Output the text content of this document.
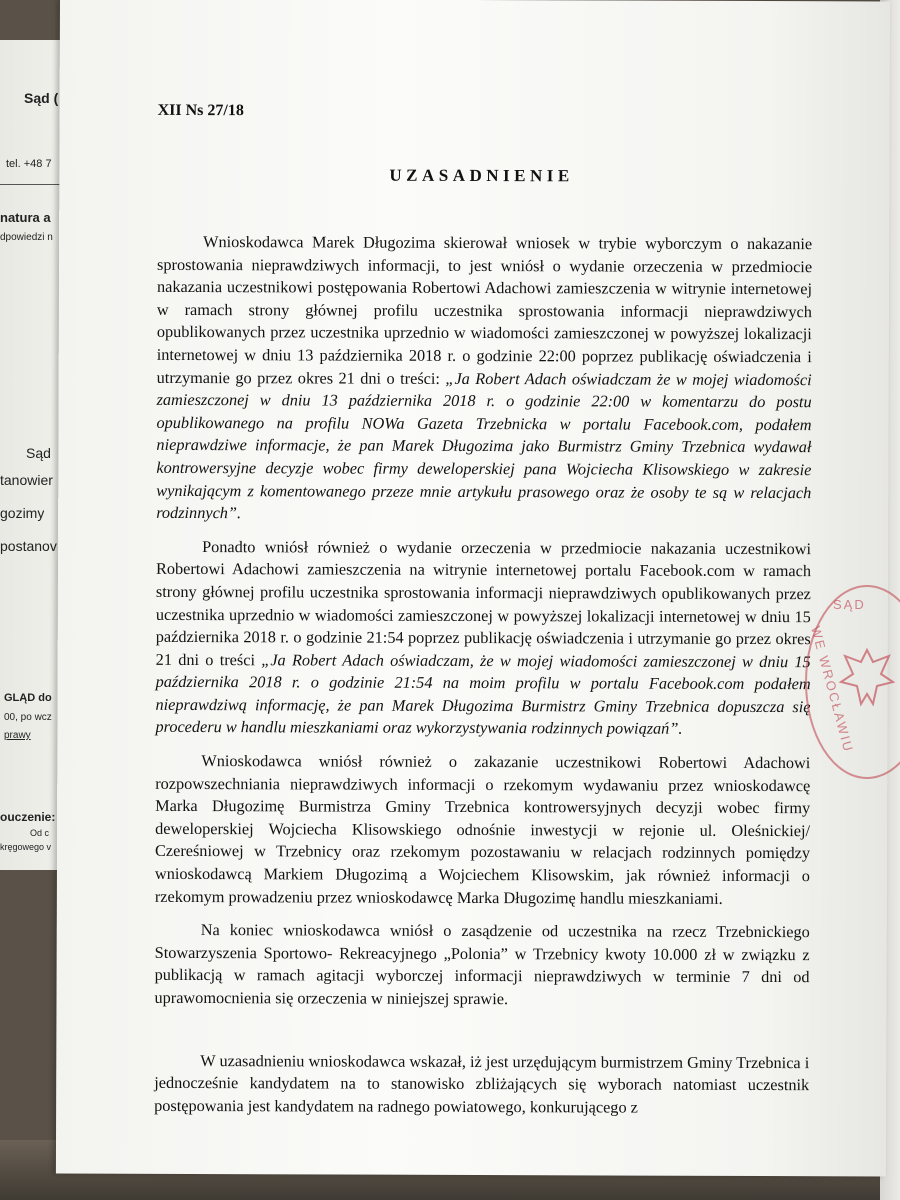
Sąd (
tel. +48 7
natura a
dpowiedzi n
Sąd
tanowier
gozimy
postanov
GLĄD do
00, po wcz
prawy
ouczenie:
Od c
kręgowego v
XII Ns 27/18
UZASADNIENIE

Wnioskodawca Marek Długozima skierował wniosek w trybie wyborczym o nakazanie sprostowania nieprawdziwych informacji, to jest wniósł o wydanie orzeczenia w przedmiocie nakazania uczestnikowi postępowania Robertowi Adachowi zamieszczenia w witrynie internetowej w ramach strony głównej profilu uczestnika sprostowania informacji nieprawdziwych opublikowanych przez uczestnika uprzednio w wiadomości zamieszczonej w powyższej lokalizacji internetowej w dniu 13 października 2018 r. o godzinie 22:00 poprzez publikację oświadczenia i utrzymanie go przez okres 21 dni o treści: „Ja Robert Adach oświadczam że w mojej wiadomości zamieszczonej w dniu 13 października 2018 r. o godzinie 22:00 w komentarzu do postu opublikowanego na profilu NOWa Gazeta Trzebnicka w portalu Facebook.com, podałem nieprawdziwe informacje, że pan Marek Długozima jako Burmistrz Gminy Trzebnica wydawał kontrowersyjne decyzje wobec firmy deweloperskiej pana Wojciecha Klisowskiego w zakresie wynikającym z komentowanego przeze mnie artykułu prasowego oraz że osoby te są w relacjach rodzinnych”.

Ponadto wniósł również o wydanie orzeczenia w przedmiocie nakazania uczestnikowi Robertowi Adachowi zamieszczenia na witrynie internetowej portalu Facebook.com w ramach strony głównej profilu uczestnika sprostowania informacji nieprawdziwych opublikowanych przez uczestnika uprzednio w wiadomości zamieszczonej w powyższej lokalizacji internetowej w dniu 15 października 2018 r. o godzinie 21:54 poprzez publikację oświadczenia i utrzymanie go przez okres 21 dni o treści „Ja Robert Adach oświadczam, że w mojej wiadomości zamieszczonej w dniu 15 października 2018 r. o godzinie 21:54 na moim profilu w portalu Facebook.com podałem nieprawdziwą informację, że pan Marek Długozima Burmistrz Gminy Trzebnica dopuszcza się procederu w handlu mieszkaniami oraz wykorzystywania rodzinnych powiązań”.

Wnioskodawca wniósł również o zakazanie uczestnikowi Robertowi Adachowi rozpowszechniania nieprawdziwych informacji o rzekomym wydawaniu przez wnioskodawcę Marka Długozimę Burmistrza Gminy Trzebnica kontrowersyjnych decyzji wobec firmy deweloperskiej Wojciecha Klisowskiego odnośnie inwestycji w rejonie ul. Oleśnickiej/ Czereśniowej w Trzebnicy oraz rzekomym pozostawaniu w relacjach rodzinnych pomiędzy wnioskodawcą Markiem Długozimą a Wojciechem Klisowskim, jak również informacji o rzekomym prowadzeniu przez wnioskodawcę Marka Długozimę handlu mieszkaniami.

Na koniec wnioskodawca wniósł o zasądzenie od uczestnika na rzecz Trzebnickiego Stowarzyszenia Sportowo- Rekreacyjnego „Polonia” w Trzebnicy kwoty 10.000 zł w związku z publikacją w ramach agitacji wyborczej informacji nieprawdziwych w terminie 7 dni od uprawomocnienia się orzeczenia w niniejszej sprawie.

W uzasadnieniu wnioskodawca wskazał, iż jest urzędującym burmistrzem Gminy Trzebnica i jednocześnie kandydatem na to stanowisko zbliżających się wyborach natomiast uczestnik postępowania jest kandydatem na radnego powiatowego, konkurującego z

SĄD
WE WROCŁAWIU
